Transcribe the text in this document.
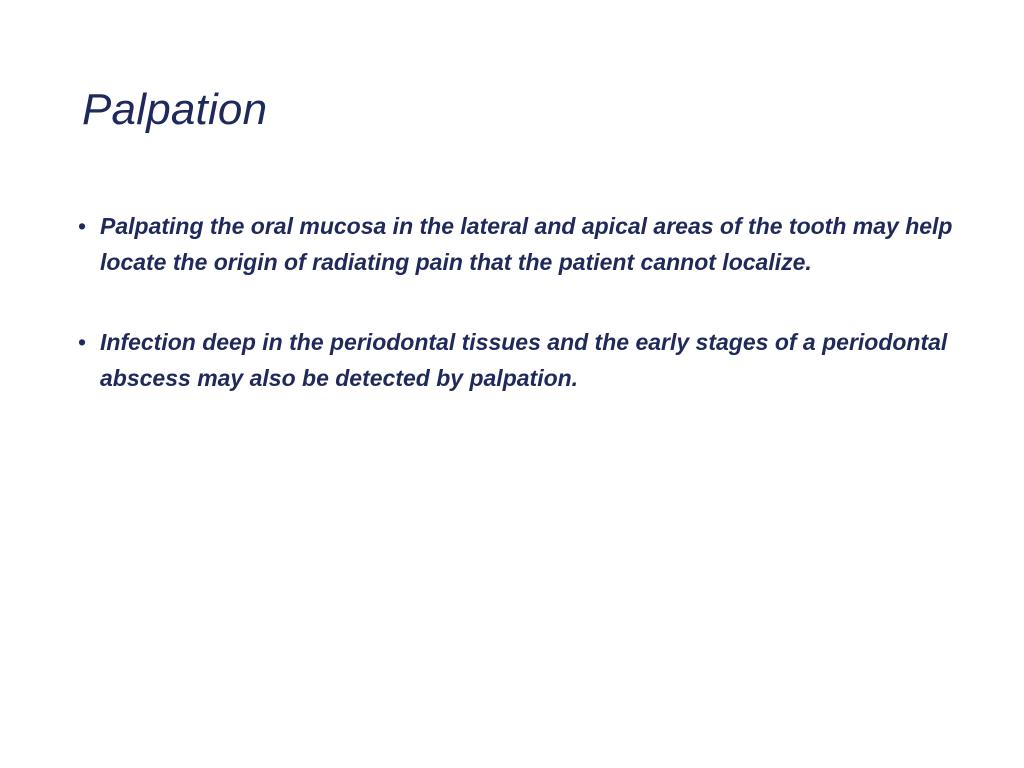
Palpation
• Palpating the oral mucosa in the lateral and apical areas of the tooth may help locate the origin of radiating pain that the patient cannot localize.
• Infection deep in the periodontal tissues and the early stages of a periodontal abscess may also be detected by palpation.
